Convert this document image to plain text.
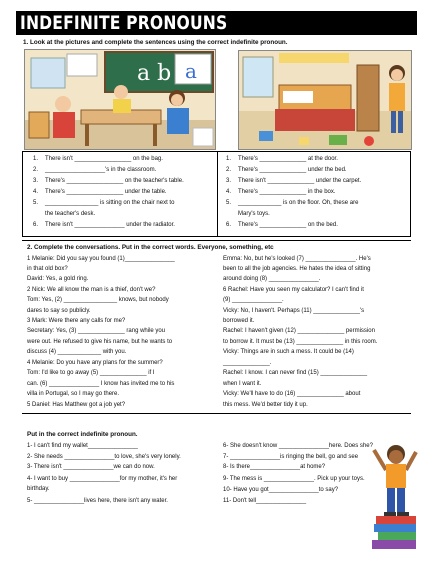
INDEFINITE PRONOUNS
1. Look at the pictures and complete the sentences using the correct indefinite pronoun.
a b a
1. There isn't _________________ on the bag.
2. __________________'s in the classroom.
3. There's _________________ on the teacher's table.
4. There's _________________ under the table.
5. ________________ is sitting on the chair next to
the teacher's desk.
6. There isn't _______________ under the radiator.
1. There's ______________ at the door.
2. There's ______________ under the bed.
3. There isn't ______________ under the carpet.
4. There's ______________ in the box.
5. _____________ is on the floor. Oh, these are
Mary's toys.
6. There's ______________ on the bed.
2. Complete the conversations. Put in the correct words. Everyone, something, etc
1 Melanie: Did you say you found (1)_______________
in that old box?
David: Yes, a gold ring.
2 Nick: We all know the man is a thief, don't we?
Tom: Yes, (2) ________________ knows, but nobody
dares to say so publicly.
3 Mark: Were there any calls for me?
Secretary: Yes, (3) ______________ rang while you
were out. He refused to give his name, but he wants to
discuss (4) _____________ with you.
4 Melanie: Do you have any plans for the summer?
Tom: I'd like to go away (5) ______________ if I
can. (6) _______________ I know has invited me to his
villa in Portugal, so I may go there.
5 Daniel: Has Matthew got a job yet?
Emma: No, but he's looked (7) _______________. He's
been to all the job agencies. He hates the idea of sitting
around doing (8) _______________.
6 Rachel: Have you seen my calculator? I can't find it
(9) _______________.
Vicky: No, I haven't. Perhaps (11) ______________'s
borrowed it.
Rachel: I haven't given (12) ______________ permission
to borrow it. It must be (13) ______________ in this room.
Vicky: Things are in such a mess. It could be (14)
______________.
Rachel: I know. I can never find (15) ______________
when I want it.
Vicky: We'll have to do (16) ______________ about
this mess. We'd better tidy it up.
Put in the correct indefinite pronoun.
1- I can't find my wallet_______________
2- She needs _______________to love, she's very lonely.
3- There isn't _______________we can do now.
4- I want to buy _______________for my mother, it's her
birthday.
5- _______________lives here, there isn't any water.
6- She doesn't know _______________here. Does she?
7- _______________is ringing the bell, go and see
8- Is there_______________at home?
9- The mess is _______________. Pick up your toys.
10- Have you got_______________to say?
11- Don't tell_______________
